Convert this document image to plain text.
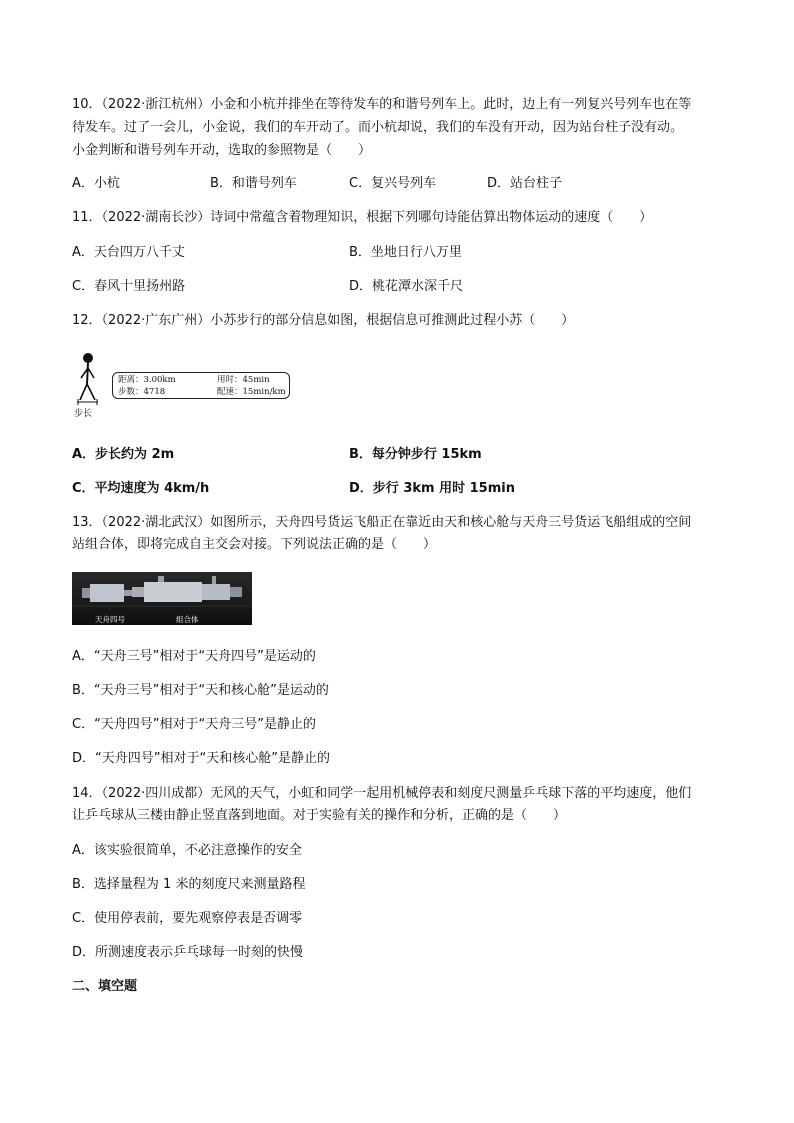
10．（2022·浙江杭州）小金和小杭并排坐在等待发车的和谐号列车上。此时，边上有一列复兴号列车也在等
待发车。过了一会儿，小金说，我们的车开动了。而小杭却说，我们的车没有开动，因为站台柱子没有动。
小金判断和谐号列车开动，选取的参照物是（　　）
A．小杭	B．和谐号列车	C．复兴号列车	D．站台柱子
11．（2022·湖南长沙）诗词中常蕴含着物理知识，根据下列哪句诗能估算出物体运动的速度（　　）
A．天台四万八千丈	B．坐地日行八万里
C．春风十里扬州路	D．桃花潭水深千尺
12．（2022·广东广州）小苏步行的部分信息如图，根据信息可推测此过程小苏（　　）
步长
距离：3.00km
步数：4718
用时：45min
配速：15min/km
A．步长约为 2m	B．每分钟步行 15km
C．平均速度为 4km/h	D．步行 3km 用时 15min
13．（2022·湖北武汉）如图所示，天舟四号货运飞船正在靠近由天和核心舱与天舟三号货运飞船组成的空间
站组合体，即将完成自主交会对接。下列说法正确的是（　　）
天舟四号	组合体
A．“天舟三号”相对于“天舟四号”是运动的
B．“天舟三号”相对于“天和核心舱”是运动的
C．“天舟四号”相对于“天舟三号”是静止的
D．“天舟四号”相对于“天和核心舱”是静止的
14．（2022·四川成都）无风的天气，小虹和同学一起用机械停表和刻度尺测量乒乓球下落的平均速度，他们
让乒乓球从三楼由静止竖直落到地面。对于实验有关的操作和分析，正确的是（　　）
A．该实验很简单，不必注意操作的安全
B．选择量程为 1 米的刻度尺来测量路程
C．使用停表前，要先观察停表是否调零
D．所测速度表示乒乓球每一时刻的快慢
二、填空题
